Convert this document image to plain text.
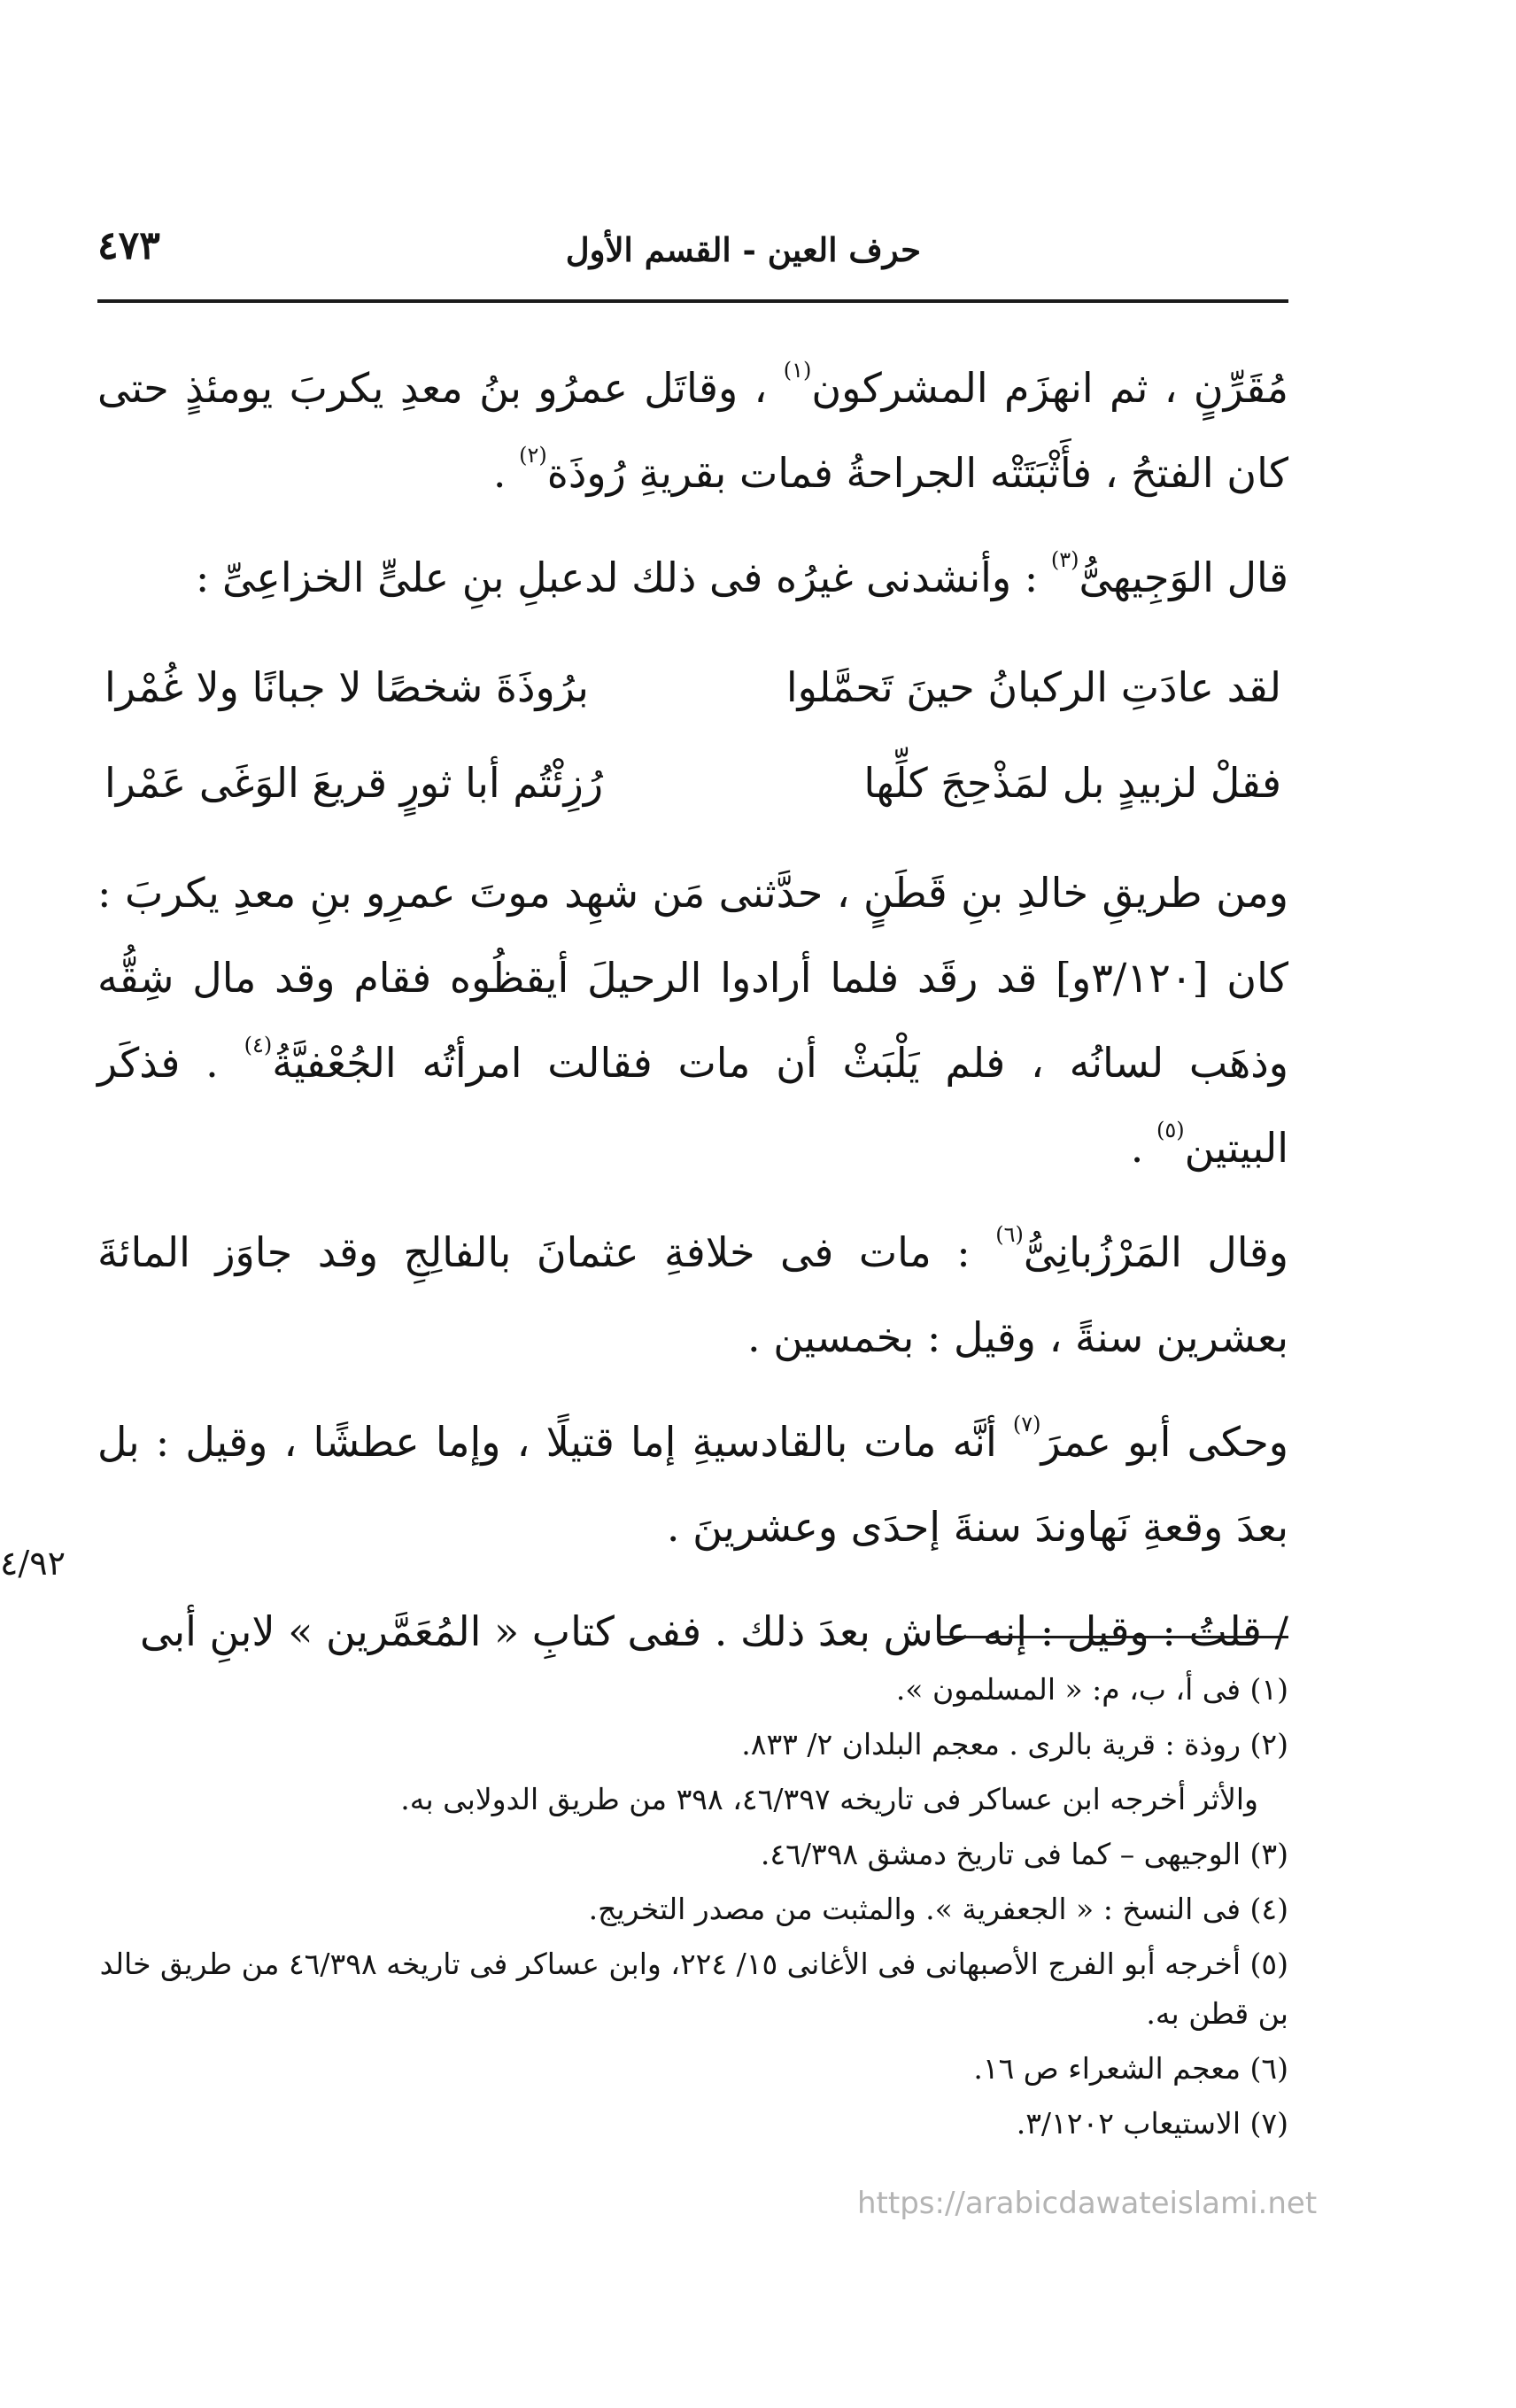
حرف العين - القسم الأول
٤٧٣

مُقَرِّنٍ ، ثم انهزَم المشركون$^{(١)}$ ، وقاتَل عمرُو بنُ معدِ يكربَ يومئذٍ حتى كان الفتحُ ، فأَثْبَتَتْه الجراحةُ فمات بقريةِ رُوذَة$^{(٢)}$ .

قال الوَجِيهىُّ$^{(٣)}$ : وأنشدنى غيرُه فى ذلك لدعبلِ بنِ علىٍّ الخزاعِىِّ :

لقد عادَتِ الركبانُ حينَ تَحمَّلوا
برُوذَةَ شخصًا لا جبانًا ولا غُمْرا
فقلْ لزبيدٍ بل لمَذْحِجَ كلِّها
رُزِئْتُم أبا ثورٍ قريعَ الوَغَى عَمْرا

ومن طريقِ خالدِ بنِ قَطَنٍ ، حدَّثنى مَن شهِد موتَ عمرِو بنِ معدِ يكربَ : كان [٣/١٢٠و] قد رقَد فلما أرادوا الرحيلَ أيقظُوه فقام وقد مال شِقُّه وذهَب لسانُه ، فلم يَلْبَثْ أن مات فقالت امرأتُه الجُعْفيَّةُ$^{(٤)}$ . فذكَر البيتين$^{(٥)}$ .

وقال المَرْزُبانِىُّ$^{(٦)}$ : مات فى خلافةِ عثمانَ بالفالِجِ وقد جاوَز المائةَ بعشرين سنةً ، وقيل : بخمسين .

وحكى أبو عمرَ$^{(٧)}$ أنَّه مات بالقادسيةِ إما قتيلًا ، وإما عطشًا ، وقيل : بل بعدَ وقعةِ نَهاوندَ سنةَ إحدَى وعشرينَ .

/ قلتُ : وقيل : إنه عاش بعدَ ذلك . ففى كتابِ « المُعَمَّرين » لابنِ أبى

٤/٩٢

(١) فى أ، ب، م: « المسلمون ».

(٢) روذة : قرية بالرى . معجم البلدان ٢/ ٨٣٣.

والأثر أخرجه ابن عساكر فى تاريخه ٤٦/٣٩٧، ٣٩٨ من طريق الدولابى به.

(٣) الوجيهى – كما فى تاريخ دمشق ٤٦/٣٩٨.

(٤) فى النسخ : « الجعفرية ». والمثبت من مصدر التخريج.

(٥) أخرجه أبو الفرج الأصبهانى فى الأغانى ١٥/ ٢٢٤، وابن عساكر فى تاريخه ٤٦/٣٩٨ من طريق خالد بن قطن به.

(٦) معجم الشعراء ص ١٦.

(٧) الاستيعاب ٣/١٢٠٢.

https://arabicdawateislami.net
